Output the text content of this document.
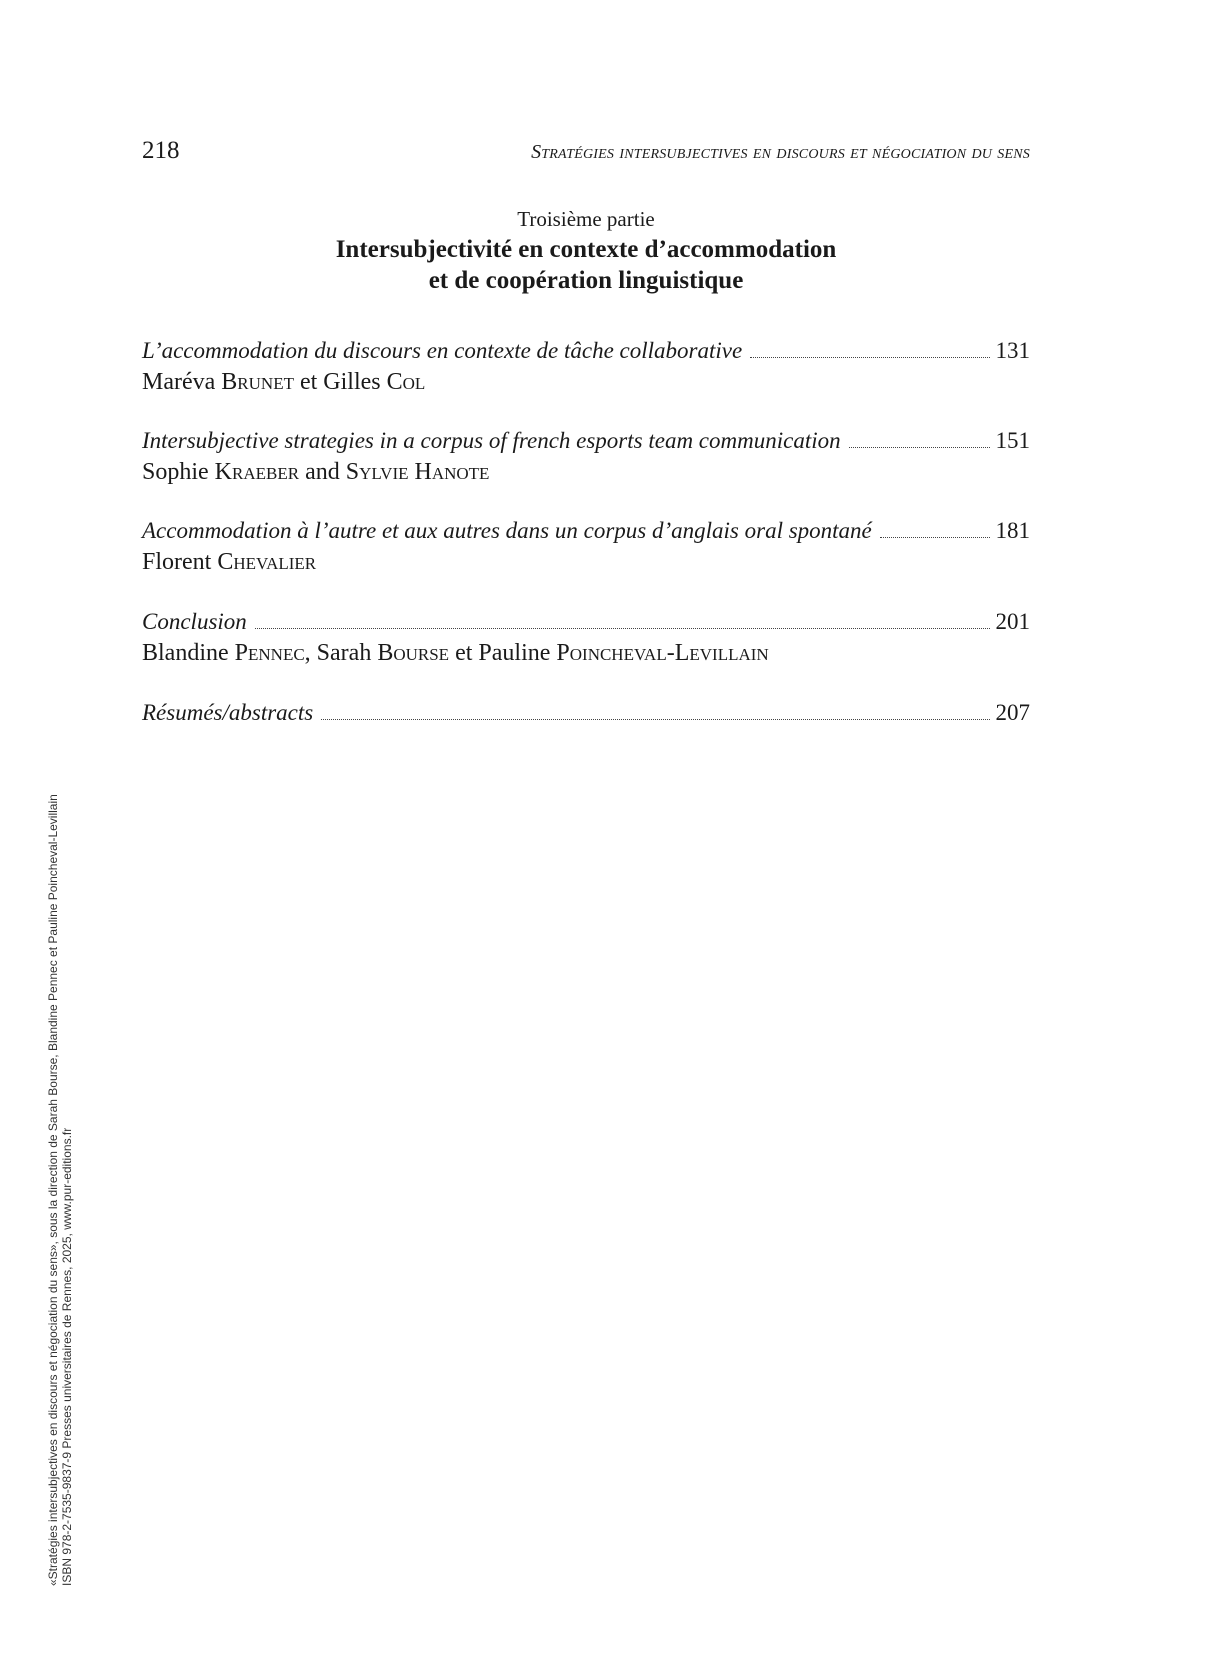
218	Stratégies intersubjectives en discours et négociation du sens
Troisième partie
Intersubjectivité en contexte d’accommodation
et de coopération linguistique
L’accommodation du discours en contexte de tâche collaborative	131
Maréva Brunet et Gilles Col
Intersubjective strategies in a corpus of french esports team communication	151
Sophie Kraeber and Sylvie Hanote
Accommodation à l’autre et aux autres dans un corpus d’anglais oral spontané	181
Florent Chevalier
Conclusion	201
Blandine Pennec, Sarah Bourse et Pauline Poincheval-Levillain
Résumés/abstracts	207
«Stratégies intersubjectives en discours et négociation du sens», sous la direction de Sarah Bourse, Blandine Pennec et Pauline Poincheval-Levillain ISBN 978-2-7535-9837-9 Presses universitaires de Rennes, 2025, www.pur-editions.fr
